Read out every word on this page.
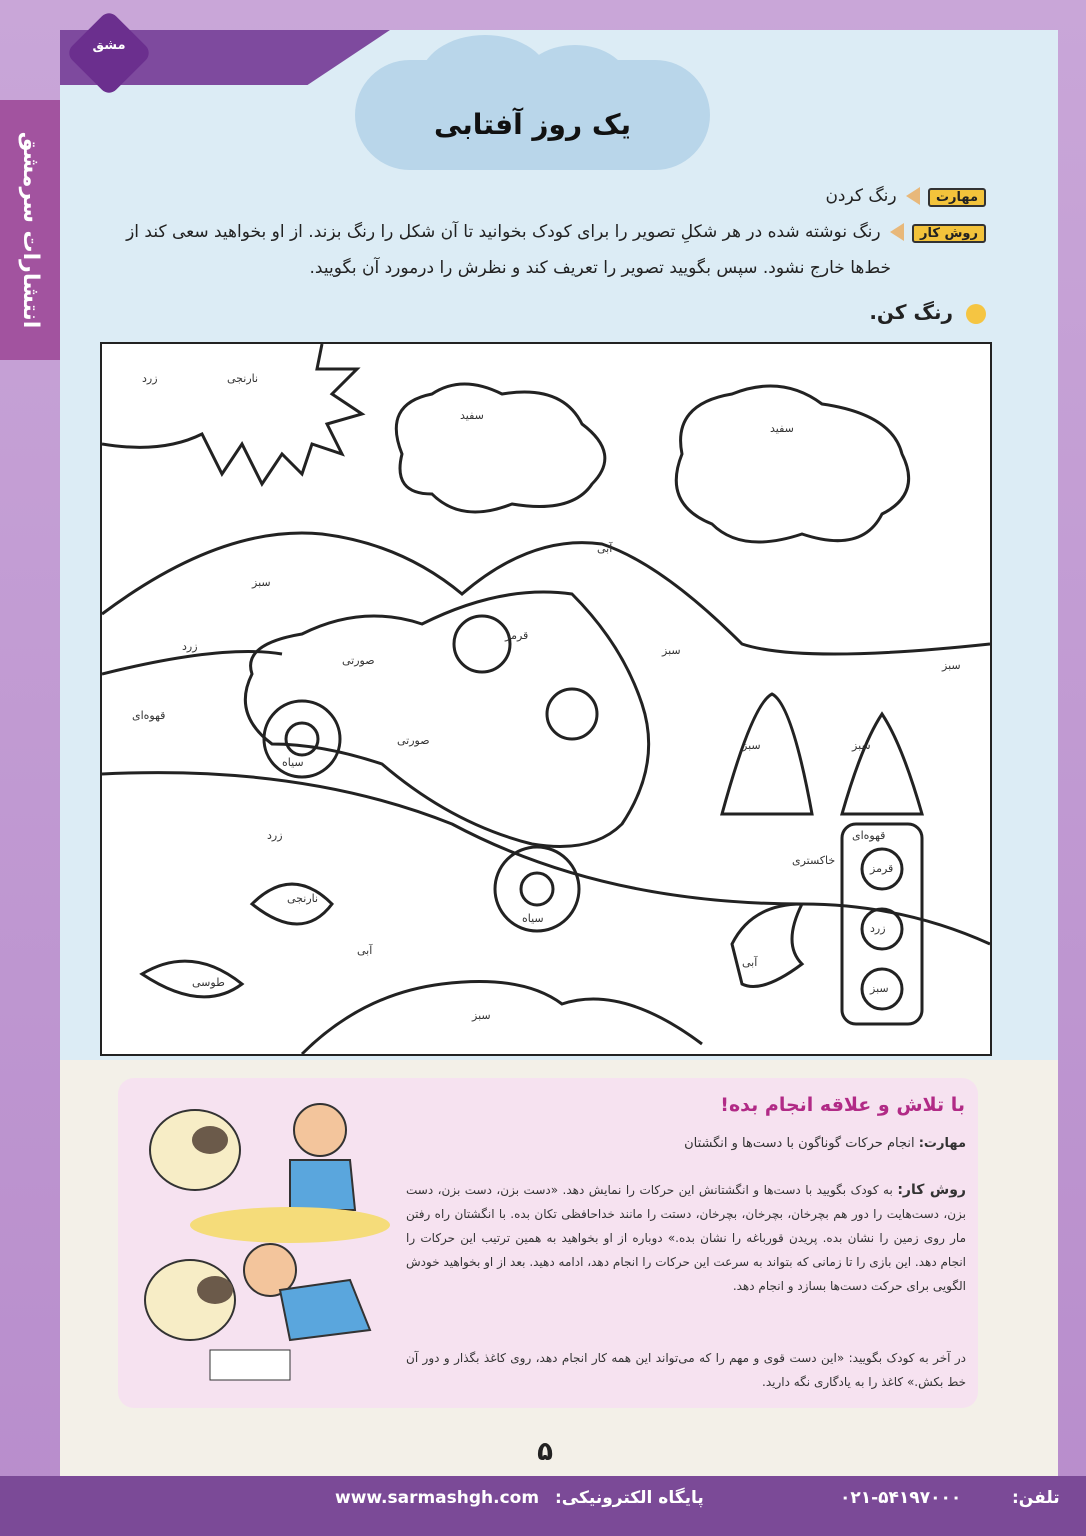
مشق
انتشارات سرمشق
یک روز آفتابی
مهارت رنگ کردن
روش کار رنگ نوشته شده در هر شکلِ تصویر را برای کودک بخوانید تا آن شکل را رنگ بزند. از او بخواهید سعی کند از
خط‌ها خارج نشود. سپس بگویید تصویر را تعریف کند و نظرش را درمورد آن بگویید.
رنگ کن.
زرد	نارنجی
سفید
سفید
آبی
سبز
سبز
زرد
قهوه‌ای
صورتی
صورتی
قرمز
سبز
سبز
زرد
نارنجی
آبی
طوسی
قهوه‌ای
قرمز
زرد
سبز
سیاه
سیاه
سبز
آبی
خاکستری
سبز
با تلاش و علاقه انجام بده!
مهارت: انجام حرکات گوناگون با دست‌ها و انگشتان
روش کار: به کودک بگویید با دست‌ها و انگشتانش این حرکات را نمایش دهد. «دست بزن، دست بزن، دست بزن، دست‌هایت را دور هم بچرخان، بچرخان، بچرخان، دستت را مانند خداحافظی تکان بده. با انگشتان راه رفتن مار روی زمین را نشان بده. پریدن قورباغه را نشان بده.» دوباره از او بخواهید به همین ترتیب این حرکات را انجام دهد. این بازی را تا زمانی که بتواند به سرعت این حرکات را انجام دهد، ادامه دهید. بعد از او بخواهید خودش الگویی برای حرکت دست‌ها بسازد و انجام دهد.
در آخر به کودک بگویید: «این دست قوی و مهم را که می‌تواند این همه کار انجام دهد، روی کاغذ بگذار و دور آن خط بکش.» کاغذ را به یادگاری نگه دارید.
۵
www.sarmashgh.com پایگاه الکترونیکی:	۰۲۱-۵۴۱۹۷۰۰۰	تلفن:
